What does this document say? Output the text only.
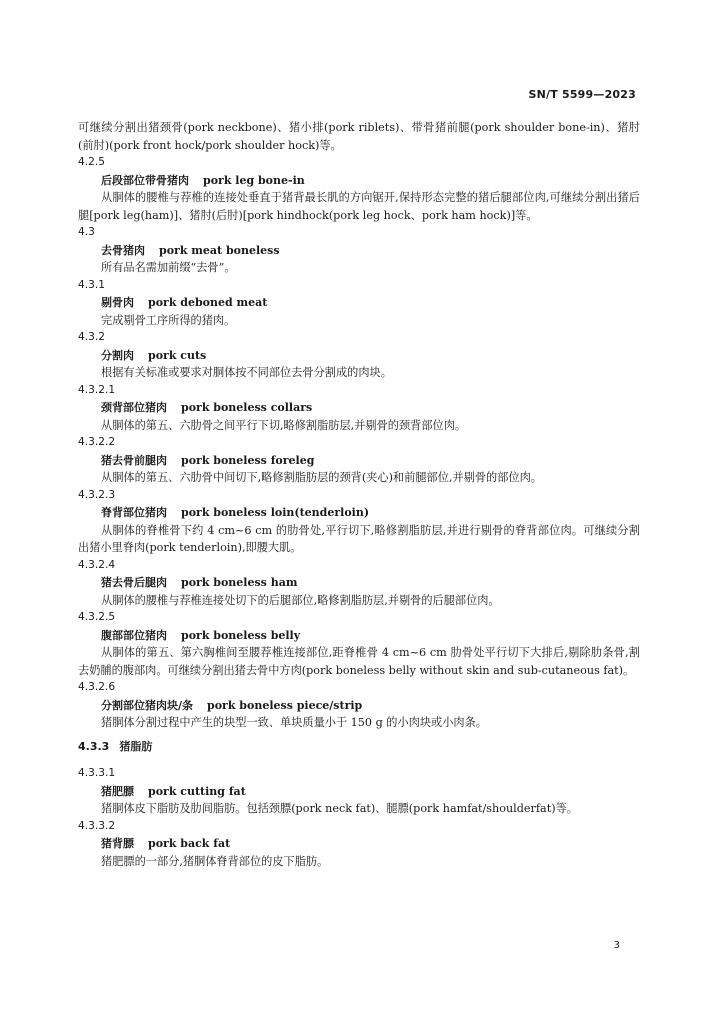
SN/T 5599—2023

可继续分割出猪颈骨(pork neckbone)、猪小排(pork riblets)、带骨猪前腿(pork shoulder bone-in)、猪肘(前肘)(pork front hock/pork shoulder hock)等。

4.2.5

后段部位带骨猪肉 pork leg bone-in

从胴体的腰椎与荐椎的连接处垂直于猪背最长肌的方向锯开,保持形态完整的猪后腿部位肉,可继续分割出猪后腿[pork leg(ham)]、猪肘(后肘)[pork hindhock(pork leg hock、pork ham hock)]等。

4.3

去骨猪肉 pork meat boneless

所有品名需加前缀“去骨”。

4.3.1

剔骨肉 pork deboned meat

完成剔骨工序所得的猪肉。

4.3.2

分割肉 pork cuts

根据有关标准或要求对胴体按不同部位去骨分割成的肉块。

4.3.2.1

颈背部位猪肉 pork boneless collars

从胴体的第五、六肋骨之间平行下切,略修割脂肪层,并剔骨的颈背部位肉。

4.3.2.2

猪去骨前腿肉 pork boneless foreleg

从胴体的第五、六肋骨中间切下,略修割脂肪层的颈背(夹心)和前腿部位,并剔骨的部位肉。

4.3.2.3

脊背部位猪肉 pork boneless loin(tenderloin)

从胴体的脊椎骨下约 4 cm~6 cm 的肋骨处,平行切下,略修割脂肪层,并进行剔骨的脊背部位肉。可继续分割出猪小里脊肉(pork tenderloin),即腰大肌。

4.3.2.4

猪去骨后腿肉 pork boneless ham

从胴体的腰椎与荐椎连接处切下的后腿部位,略修割脂肪层,并剔骨的后腿部位肉。

4.3.2.5

腹部部位猪肉 pork boneless belly

从胴体的第五、第六胸椎间至腰荐椎连接部位,距脊椎骨 4 cm~6 cm 肋骨处平行切下大排后,剔除肋条骨,割去奶脯的腹部肉。可继续分割出猪去骨中方肉(pork boneless belly without skin and sub-cutaneous fat)。

4.3.2.6

分割部位猪肉块/条 pork boneless piece/strip

猪胴体分割过程中产生的块型一致、单块质量小于 150 g 的小肉块或小肉条。

4.3.3 猪脂肪

4.3.3.1

猪肥膘 pork cutting fat

猪胴体皮下脂肪及肋间脂肪。包括颈膘(pork neck fat)、腿膘(pork hamfat/shoulderfat)等。

4.3.3.2

猪背膘 pork back fat

猪肥膘的一部分,猪胴体脊背部位的皮下脂肪。

3
